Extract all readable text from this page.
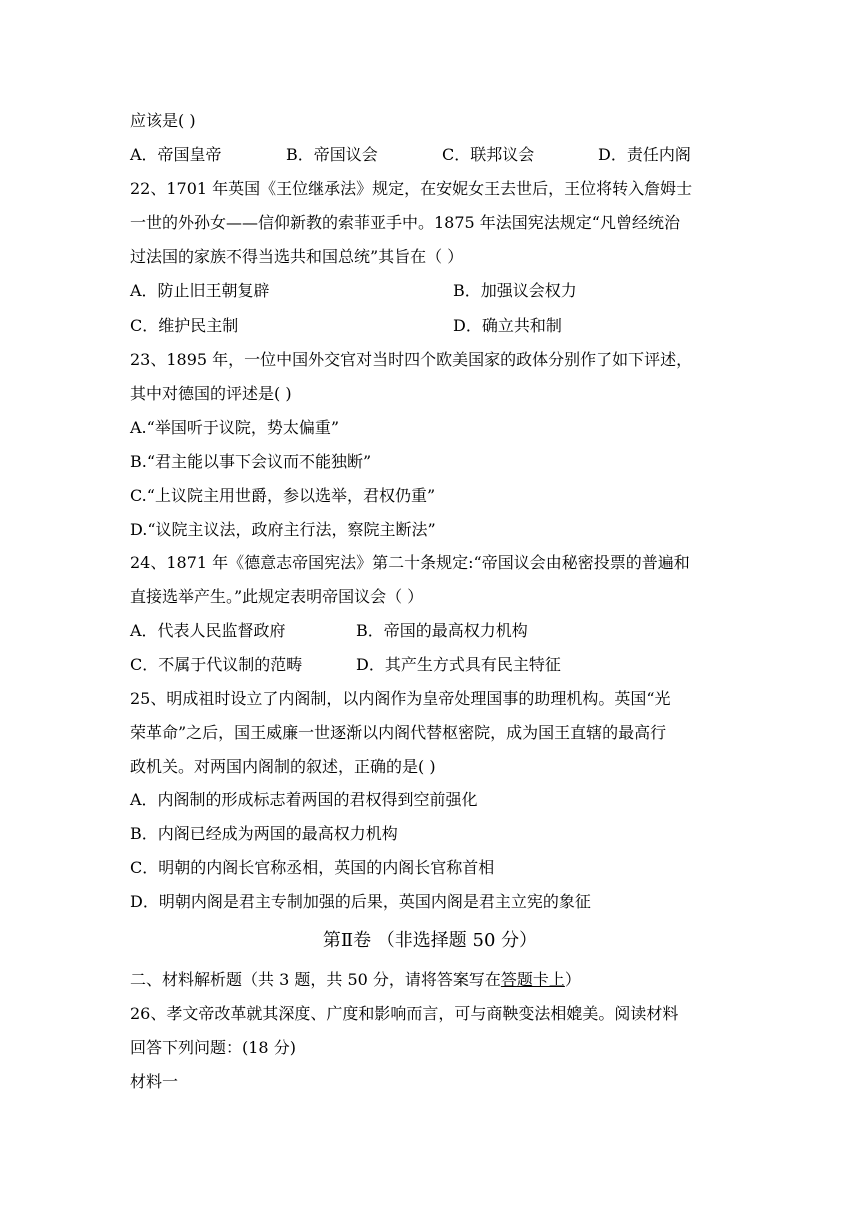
应该是( )
A．帝国皇帝	B．帝国议会	C．联邦议会	D．责任内阁
22、1701 年英国《王位继承法》规定，在安妮女王去世后，王位将转入詹姆士
一世的外孙女——信仰新教的索菲亚手中。1875 年法国宪法规定“凡曾经统治
过法国的家族不得当选共和国总统”其旨在（ ）
A．防止旧王朝复辟	B．加强议会权力
C．维护民主制	D．确立共和制
23、1895 年，一位中国外交官对当时四个欧美国家的政体分别作了如下评述，
其中对德国的评述是( )
A.“举国听于议院，势太偏重”
B.“君主能以事下会议而不能独断”
C.“上议院主用世爵，参以选举，君权仍重”
D.“议院主议法，政府主行法，察院主断法”
24、1871 年《德意志帝国宪法》第二十条规定:“帝国议会由秘密投票的普遍和
直接选举产生。”此规定表明帝国议会（ ）
A．代表人民监督政府	B．帝国的最高权力机构
C．不属于代议制的范畴	D．其产生方式具有民主特征
25、明成祖时设立了内阁制，以内阁作为皇帝处理国事的助理机构。英国“光
荣革命”之后，国王威廉一世逐渐以内阁代替枢密院，成为国王直辖的最高行
政机关。对两国内阁制的叙述，正确的是( )
A．内阁制的形成标志着两国的君权得到空前强化
B．内阁已经成为两国的最高权力机构
C．明朝的内阁长官称丞相，英国的内阁长官称首相
D．明朝内阁是君主专制加强的后果，英国内阁是君主立宪的象征
第Ⅱ卷 （非选择题 50 分）
二、材料解析题（共 3 题，共 50 分，请将答案写在答题卡上）
26、孝文帝改革就其深度、广度和影响而言，可与商鞅变法相媲美。阅读材料
回答下列问题：(18 分)
材料一
